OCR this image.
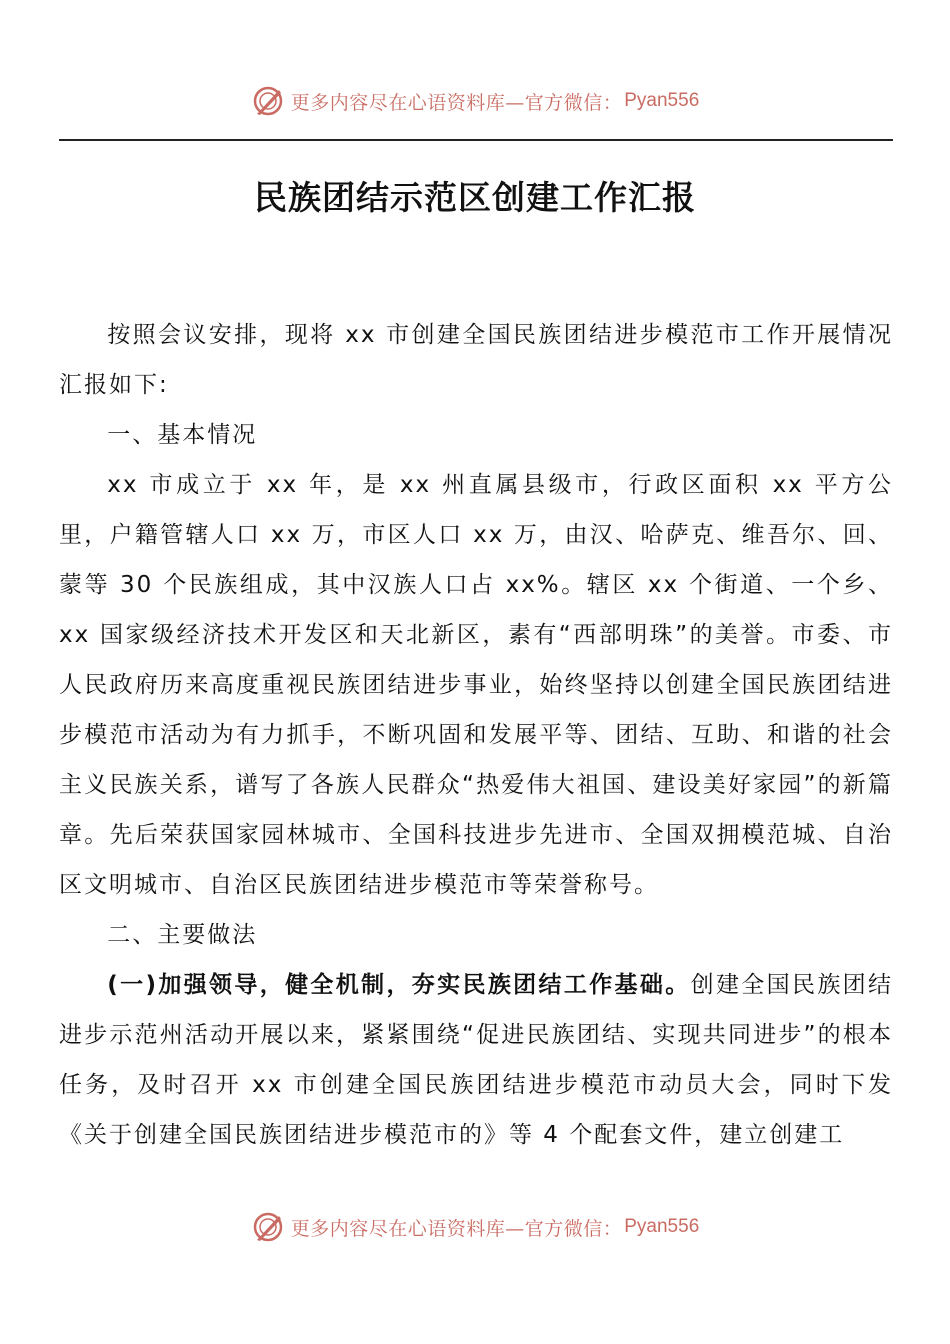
更多内容尽在心语资料库—官方微信： Pyan556
民族团结示范区创建工作汇报

按照会议安排，现将 xx 市创建全国民族团结进步模范市工作开展情况汇报如下:

一、基本情况

xx 市成立于 xx 年，是 xx 州直属县级市，行政区面积 xx 平方公里，户籍管辖人口 xx 万，市区人口 xx 万，由汉、哈萨克、维吾尔、回、蒙等 30 个民族组成，其中汉族人口占 xx%。辖区 xx 个街道、一个乡、xx 国家级经济技术开发区和天北新区，素有“西部明珠”的美誉。市委、市人民政府历来高度重视民族团结进步事业，始终坚持以创建全国民族团结进步模范市活动为有力抓手，不断巩固和发展平等、团结、互助、和谐的社会主义民族关系，谱写了各族人民群众“热爱伟大祖国、建设美好家园”的新篇章。先后荣获国家园林城市、全国科技进步先进市、全国双拥模范城、自治区文明城市、自治区民族团结进步模范市等荣誉称号。

二、主要做法

(一)加强领导，健全机制，夯实民族团结工作基础。创建全国民族团结进步示范州活动开展以来，紧紧围绕“促进民族团结、实现共同进步”的根本任务，及时召开 xx 市创建全国民族团结进步模范市动员大会，同时下发《关于创建全国民族团结进步模范市的》等 4 个配套文件，建立创建工

更多内容尽在心语资料库—官方微信： Pyan556
